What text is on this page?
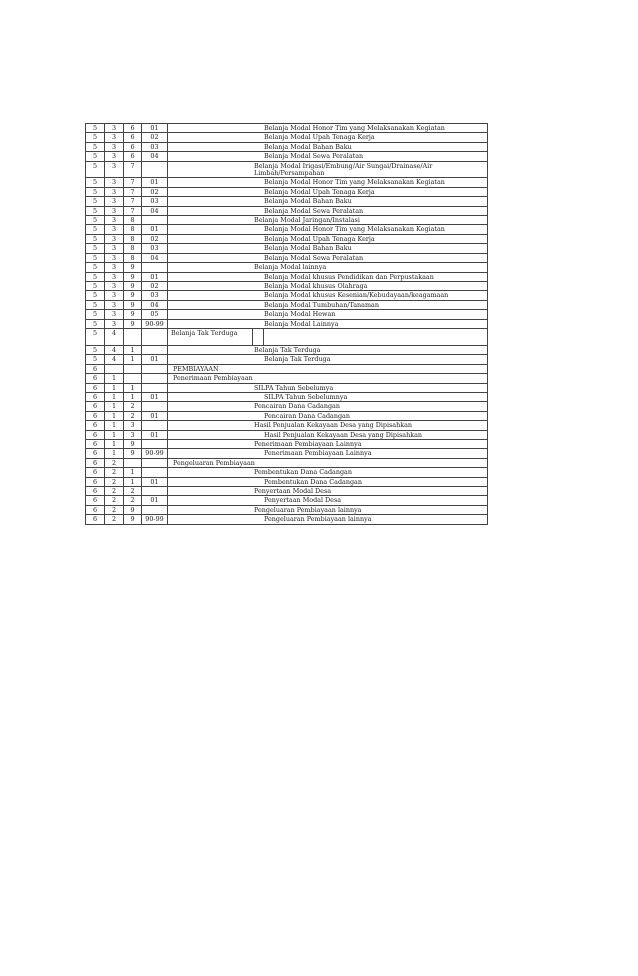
5	3	6	01	Belanja Modal Honor Tim yang Melaksanakan Kegiatan

5	3	6	02	Belanja Modal Upah Tenaga Kerja

5	3	6	03	Belanja Modal Bahan Baku

5	3	6	04	Belanja Modal Sewa Peralatan

5	3	7		Belanja Modal Irigasi/Embung/Air Sungai/Drainase/Air Limbah/Persampahan

5	3	7	01	Belanja Modal Honor Tim yang Melaksanakan Kegiatan

5	3	7	02	Belanja Modal Upah Tenaga Kerja

5	3	7	03	Belanja Modal Bahan Baku

5	3	7	04	Belanja Modal Sewa Peralatan

5	3	8		Belanja Modal Jaringan/Instalasi

5	3	8	01	Belanja Modal Honor Tim yang Melaksanakan Kegiatan

5	3	8	02	Belanja Modal Upah Tenaga Kerja

5	3	8	03	Belanja Modal Bahan Baku

5	3	8	04	Belanja Modal Sewa Peralatan

5	3	9		Belanja Modal lainnya

5	3	9	01	Belanja Modal khusus Pendidikan dan Perpustakaan

5	3	9	02	Belanja Modal khusus Olahraga

5	3	9	03	Belanja Modal khusus Kesenian/Kebudayaan/keagamaan

5	3	9	04	Belanja Modal Tumbuhan/Tanaman

5	3	9	05	Belanja Modal Hewan

5	3	9	90-99	Belanja Modal Lainnya

5	4			Belanja Tak Terduga

5	4	1		Belanja Tak Terduga

5	4	1	01	Belanja Tak Terduga

6				PEMBIAYAAN

6	1			Penerimaan Pembiayaan

6	1	1		SILPA Tahun Sebelumya

6	1	1	01	SILPA Tahun Sebelumnya

6	1	2		Pencairan Dana Cadangan

6	1	2	01	Pencairan Dana Cadangan

6	1	3		Hasil Penjualan Kekayaan Desa yang Dipisahkan

6	1	3	01	Hasil Penjualan Kekayaan Desa yang Dipisahkan

6	1	9		Penerimaan Pembiayaan Lainnya

6	1	9	90-99	Penerimaan Pembiayaan Lainnya

6	2			Pengeluaran Pembiayaan

6	2	1		Pembentukan Dana Cadangan

6	2	1	01	Pembentukan Dana Cadangan

6	2	2		Penyertaan Modal Desa

6	2	2	01	Penyertaan Modal Desa

6	2	9		Pengeluaran Pembiayaan lainnya

6	2	9	90-99	Pengeluaran Pembiayaan lainnya
